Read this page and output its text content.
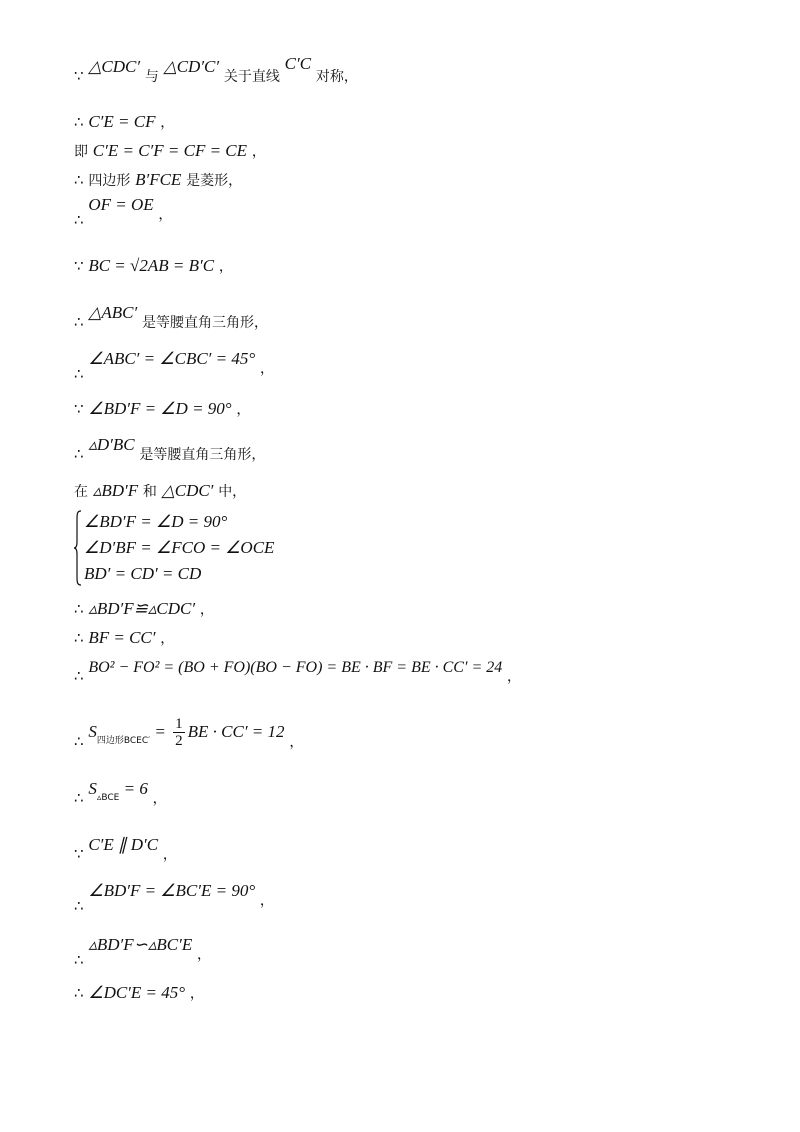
∵ △CDC′ 与 △CD′C′ 关于直线 C′C 对称，
∴ C′E = CF ，
即 C′E = C′F = CF = CE ，
∴ 四边形 B′FCE 是菱形，
∴ OF = OE ，
∵ BC = √2AB = B′C ，
∴ △ABC′ 是等腰直角三角形，
∴ ∠ABC′ = ∠CBC′ = 45° ，
∵ ∠BD′F = ∠D = 90° ，
∴ ▵D′BC 是等腰直角三角形，
在 ▵BD′F 和 △CDC′ 中，
∠BD′F = ∠D = 90°
∠D′BF = ∠FCO = ∠OCE
BD′ = CD′ = CD
∴ ▵BD′F≌▵CDC′ ，
∴ BF = CC′ ，
∴ BO² − FO² = (BO + FO)(BO − FO) = BE · BF = BE · CC′ = 24 ，
∴ $S_{四边形BCEC'} = \frac{1}{2}$ BE · CC′ = 12 ，
∴ $S_{▵BCE} = 6$ ，
∵ C′E ∥ D′C ，
∴ ∠BD′F = ∠BC′E = 90° ，
∴ ▵BD′F∽▵BC′E ，
∴ ∠DC′E = 45° ，
